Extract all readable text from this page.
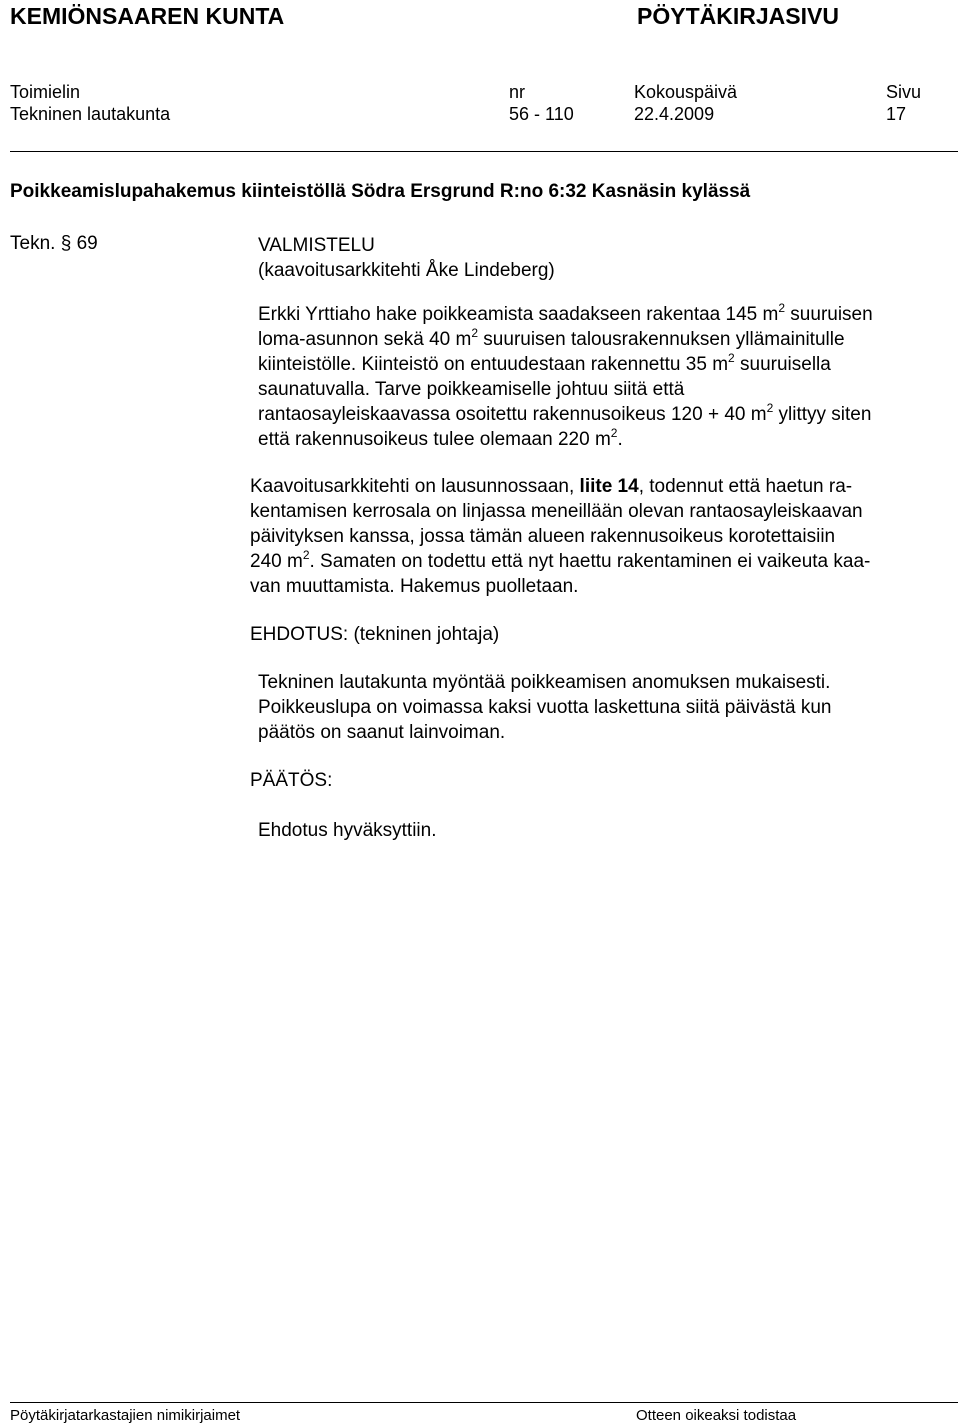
KEMIÖNSAAREN KUNTA	PÖYTÄKIRJASIVU
Toimielin	nr	Kokouspäivä	Sivu
Tekninen lautakunta	56 - 110	22.4.2009	17
Poikkeamislupahakemus kiinteistöllä Södra Ersgrund R:no 6:32 Kasnäsin kylässä
Tekn. § 69	VALMISTELU
(kaavoitusarkkitehti Åke Lindeberg)
Erkki Yrttiaho hake poikkeamista saadakseen rakentaa 145 $m^2$ suuruisen
loma-asunnon sekä 40 $m^2$ suuruisen talousrakennuksen yllämainitulle
kiinteistölle. Kiinteistö on entuudestaan rakennettu 35 $m^2$ suuruisella
saunatuvalla. Tarve poikkeamiselle johtuu siitä että
rantaosayleiskaavassa osoitettu rakennusoikeus 120 + 40 $m^2$ ylittyy siten
että rakennusoikeus tulee olemaan 220 $m^2$.
Kaavoitusarkkitehti on lausunnossaan, liite 14, todennut että haetun ra-
kentamisen kerrosala on linjassa meneillään olevan rantaosayleiskaavan
päivityksen kanssa, jossa tämän alueen rakennusoikeus korotettaisiin
240 $m^2$. Samaten on todettu että nyt haettu rakentaminen ei vaikeuta kaa-
van muuttamista. Hakemus puolletaan.
EHDOTUS: (tekninen johtaja)
Tekninen lautakunta myöntää poikkeamisen anomuksen mukaisesti.
Poikkeuslupa on voimassa kaksi vuotta laskettuna siitä päivästä kun
päätös on saanut lainvoiman.
PÄÄTÖS:
Ehdotus hyväksyttiin.
Pöytäkirjatarkastajien nimikirjaimet	Otteen oikeaksi todistaa
